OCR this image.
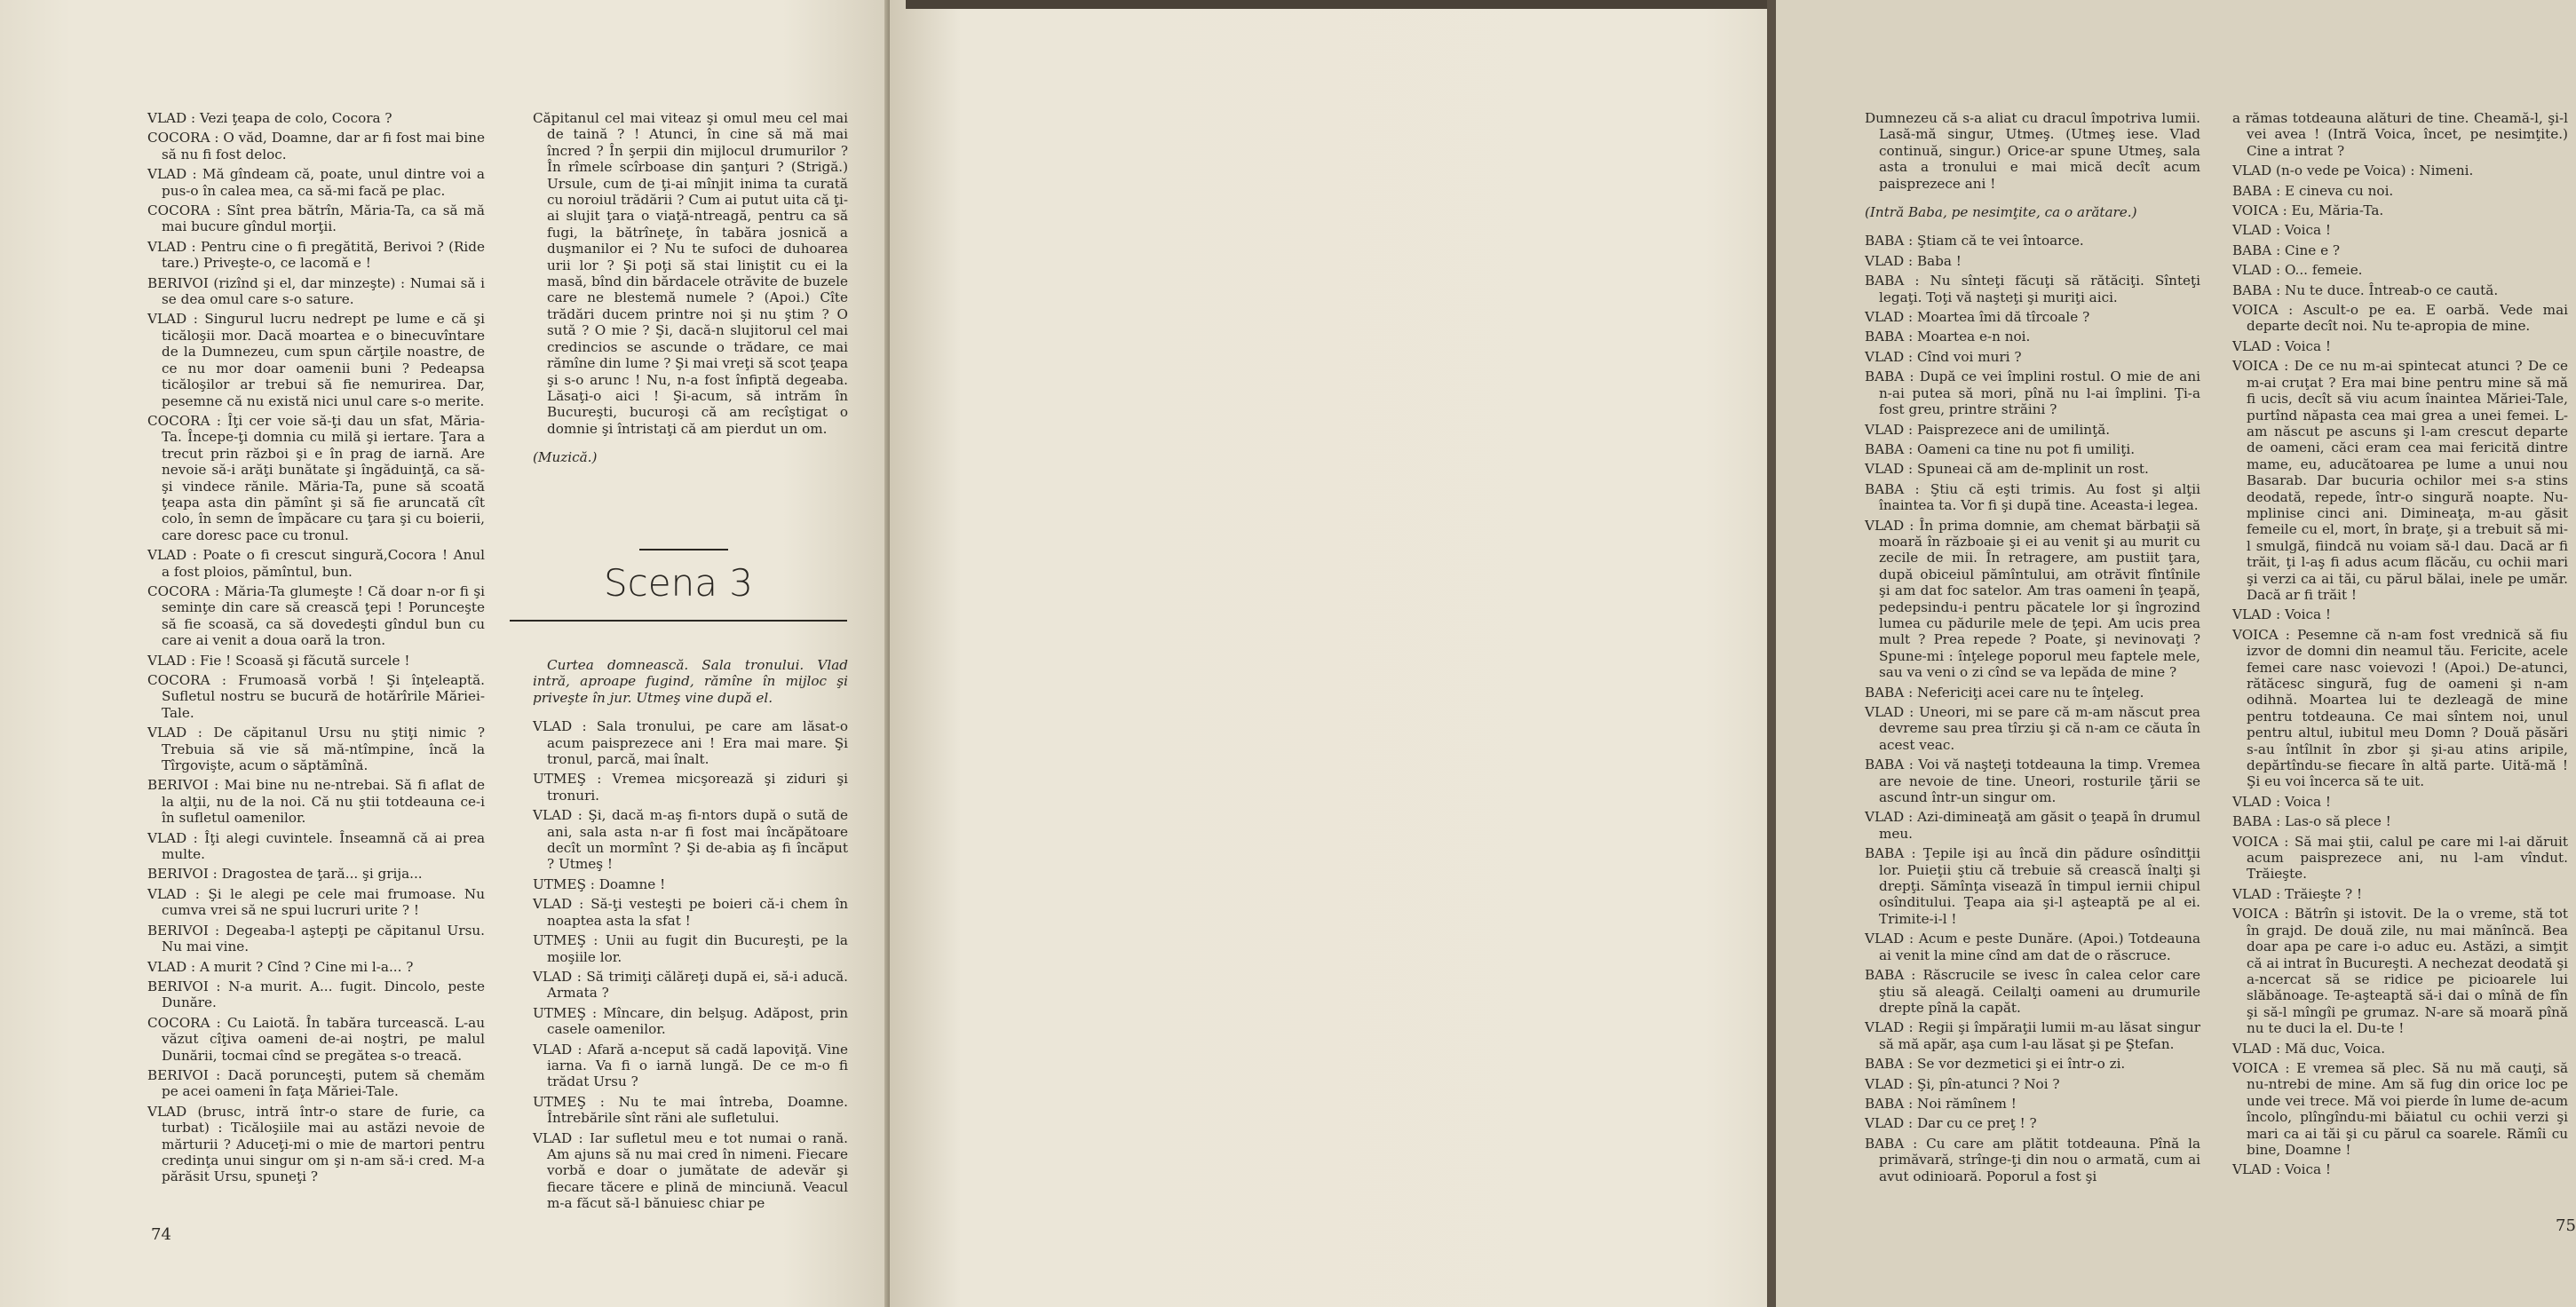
VLAD : Vezi ţeapa de colo, Cocora ?

COCORA : O văd, Doamne, dar ar fi fost mai bine să nu fi fost deloc.

VLAD : Mă gîndeam că, poate, unul dintre voi a pus-o în calea mea, ca să-mi facă pe plac.

COCORA : Sînt prea bătrîn, Măria-Ta, ca să mă mai bucure gîndul morţii.

VLAD : Pentru cine o fi pregătită, Berivoi ? (Ride tare.) Priveşte-o, ce lacomă e !

BERIVOI (rizînd şi el, dar minzeşte) : Numai să i se dea omul care s-o sature.

VLAD : Singurul lucru nedrept pe lume e că şi ticăloşii mor. Dacă moartea e o binecuvîntare de la Dumnezeu, cum spun cărţile noastre, de ce nu mor doar oamenii buni ? Pedeapsa ticăloşilor ar trebui să fie nemurirea. Dar, pesemne că nu există nici unul care s-o merite.

COCORA : Îţi cer voie să-ţi dau un sfat, Măria-Ta. Începe-ţi domnia cu milă şi iertare. Ţara a trecut prin război şi e în prag de iarnă. Are nevoie să-i arăţi bunătate şi îngăduinţă, ca să-şi vindece rănile. Măria-Ta, pune să scoată ţeapa asta din pămînt şi să fie aruncată cît colo, în semn de împăcare cu ţara şi cu boierii, care doresc pace cu tronul.

VLAD : Poate o fi crescut singură,Cocora ! Anul a fost ploios, pămîntul, bun.

COCORA : Măria-Ta glumeşte ! Că doar n-or fi şi seminţe din care să crească ţepi ! Porunceşte să fie scoasă, ca să dovedeşti gîndul bun cu care ai venit a doua oară la tron.

VLAD : Fie ! Scoasă şi făcută surcele !

COCORA : Frumoasă vorbă ! Şi înţeleaptă. Sufletul nostru se bucură de hotărîrile Măriei-Tale.

VLAD : De căpitanul Ursu nu ştiţi nimic ? Trebuia să vie să mă-ntîmpine, încă la Tîrgovişte, acum o săptămînă.

BERIVOI : Mai bine nu ne-ntrebai. Să fi aflat de la alţii, nu de la noi. Că nu ştii totdeauna ce-i în sufletul oamenilor.

VLAD : Îţi alegi cuvintele. Înseamnă că ai prea multe.

BERIVOI : Dragostea de ţară... şi grija...

VLAD : Şi le alegi pe cele mai frumoase. Nu cumva vrei să ne spui lucruri urite ? !

BERIVOI : Degeaba-l aştepţi pe căpitanul Ursu. Nu mai vine.

VLAD : A murit ? Cînd ? Cine mi l-a... ?

BERIVOI : N-a murit. A... fugit. Dincolo, peste Dunăre.

COCORA : Cu Laiotă. În tabăra turcească. L-au văzut cîţiva oameni de-ai noştri, pe malul Dunării, tocmai cînd se pregătea s-o treacă.

BERIVOI : Dacă porunceşti, putem să chemăm pe acei oameni în faţa Măriei-Tale.

VLAD (brusc, intră într-o stare de furie, ca turbat) : Ticăloşiile mai au astăzi nevoie de mărturii ? Aduceţi-mi o mie de martori pentru credinţa unui singur om şi n-am să-i cred. M-a părăsit Ursu, spuneţi ?

Căpitanul cel mai viteaz şi omul meu cel mai de taină ? ! Atunci, în cine să mă mai încred ? În şerpii din mijlocul drumurilor ? În rîmele scîrboase din şanţuri ? (Strigă.) Ursule, cum de ţi-ai mînjit inima ta curată cu noroiul trădării ? Cum ai putut uita că ţi-ai slujit ţara o viaţă-ntreagă, pentru ca să fugi, la bătrîneţe, în tabăra josnică a duşmanilor ei ? Nu te sufoci de duhoarea urii lor ? Şi poţi să stai liniştit cu ei la masă, bînd din bărdacele otrăvite de buzele care ne blestemă numele ? (Apoi.) Cîte trădări ducem printre noi şi nu ştim ? O sută ? O mie ? Şi, dacă-n slujitorul cel mai credincios se ascunde o trădare, ce mai rămîne din lume ? Şi mai vreţi să scot ţeapa şi s-o arunc ! Nu, n-a fost înfiptă degeaba. Lăsaţi-o aici ! Şi-acum, să intrăm în Bucureşti, bucuroşi că am recîştigat o domnie şi întristaţi că am pierdut un om.

(Muzică.)

Scena 3

Curtea domnească. Sala tronului. Vlad intră, aproape fugind, rămîne în mijloc şi priveşte în jur. Utmeş vine după el.

VLAD : Sala tronului, pe care am lăsat-o acum paisprezece ani ! Era mai mare. Şi tronul, parcă, mai înalt.

UTMEŞ : Vremea micşorează şi ziduri şi tronuri.

VLAD : Şi, dacă m-aş fi-ntors după o sută de ani, sala asta n-ar fi fost mai încăpătoare decît un mormînt ? Şi de-abia aş fi încăput ? Utmeş !

UTMEŞ : Doamne !

VLAD : Să-ţi vesteşti pe boieri că-i chem în noaptea asta la sfat !

UTMEŞ : Unii au fugit din Bucureşti, pe la moşiile lor.

VLAD : Să trimiţi călăreţi după ei, să-i aducă. Armata ?

UTMEŞ : Mîncare, din belşug. Adăpost, prin casele oamenilor.

VLAD : Afară a-nceput să cadă lapoviţă. Vine iarna. Va fi o iarnă lungă. De ce m-o fi trădat Ursu ?

UTMEŞ : Nu te mai întreba, Doamne. Întrebările sînt răni ale sufletului.

VLAD : Iar sufletul meu e tot numai o rană. Am ajuns să nu mai cred în nimeni. Fiecare vorbă e doar o jumătate de adevăr şi fiecare tăcere e plină de minciună. Veacul m-a făcut să-l bănuiesc chiar pe

74

Dumnezeu că s-a aliat cu dracul împotriva lumii. Lasă-mă singur, Utmeş. (Utmeş iese. Vlad continuă, singur.) Orice-ar spune Utmeş, sala asta a tronului e mai mică decît acum paisprezece ani !

(Intră Baba, pe nesimţite, ca o arătare.)

BABA : Ştiam că te vei întoarce.

VLAD : Baba !

BABA : Nu sînteţi făcuţi să rătăciţi. Sînteţi legaţi. Toţi vă naşteţi şi muriţi aici.

VLAD : Moartea îmi dă tîrcoale ?

BABA : Moartea e-n noi.

VLAD : Cînd voi muri ?

BABA : După ce vei împlini rostul. O mie de ani n-ai putea să mori, pînă nu l-ai împlini. Ţi-a fost greu, printre străini ?

VLAD : Paisprezece ani de umilinţă.

BABA : Oameni ca tine nu pot fi umiliţi.

VLAD : Spuneai că am de-mplinit un rost.

BABA : Ştiu că eşti trimis. Au fost şi alţii înaintea ta. Vor fi şi după tine. Aceasta-i legea.

VLAD : În prima domnie, am chemat bărbaţii să moară în războaie şi ei au venit şi au murit cu zecile de mii. În retragere, am pustiit ţara, după obiceiul pămîntului, am otrăvit fîntînile şi am dat foc satelor. Am tras oameni în ţeapă, pedepsindu-i pentru păcatele lor şi îngrozind lumea cu pădurile mele de ţepi. Am ucis prea mult ? Prea repede ? Poate, şi nevinovaţi ? Spune-mi : înţelege poporul meu faptele mele, sau va veni o zi cînd se va lepăda de mine ?

BABA : Nefericiţi acei care nu te înţeleg.

VLAD : Uneori, mi se pare că m-am născut prea devreme sau prea tîrziu şi că n-am ce căuta în acest veac.

BABA : Voi vă naşteţi totdeauna la timp. Vremea are nevoie de tine. Uneori, rosturile ţării se ascund într-un singur om.

VLAD : Azi-dimineaţă am găsit o ţeapă în drumul meu.

BABA : Ţepile işi au încă din pădure osînditţii lor. Puieţii ştiu că trebuie să crească înalţi şi drepţi. Sămînţa visează în timpul iernii chipul osînditului. Ţeapa aia şi-l aşteaptă pe al ei. Trimite-i-l !

VLAD : Acum e peste Dunăre. (Apoi.) Totdeauna ai venit la mine cînd am dat de o răscruce.

BABA : Răscrucile se ivesc în calea celor care ştiu să aleagă. Ceilalţi oameni au drumurile drepte pînă la capăt.

VLAD : Regii şi împăraţii lumii m-au lăsat singur să mă apăr, aşa cum l-au lăsat şi pe Ştefan.

BABA : Se vor dezmetici şi ei într-o zi.

VLAD : Şi, pîn-atunci ? Noi ?

BABA : Noi rămînem !

VLAD : Dar cu ce preţ ! ?

BABA : Cu care am plătit totdeauna. Pînă la primăvară, strînge-ţi din nou o armată, cum ai avut odinioară. Poporul a fost şi

a rămas totdeauna alături de tine. Cheamă-l, şi-l vei avea ! (Intră Voica, încet, pe nesimţite.) Cine a intrat ?

VLAD (n-o vede pe Voica) : Nimeni.

BABA : E cineva cu noi.

VOICA : Eu, Măria-Ta.

VLAD : Voica !

BABA : Cine e ?

VLAD : O... femeie.

BABA : Nu te duce. Întreab-o ce caută.

VOICA : Ascult-o pe ea. E oarbă. Vede mai departe decît noi. Nu te-apropia de mine.

VLAD : Voica !

VOICA : De ce nu m-ai spintecat atunci ? De ce m-ai cruţat ? Era mai bine pentru mine să mă fi ucis, decît să viu acum înaintea Măriei-Tale, purtînd năpasta cea mai grea a unei femei. L-am născut pe ascuns şi l-am crescut departe de oameni, căci eram cea mai fericită dintre mame, eu, aducătoarea pe lume a unui nou Basarab. Dar bucuria ochilor mei s-a stins deodată, repede, într-o singură noapte. Nu-mplinise cinci ani. Dimineaţa, m-au găsit femeile cu el, mort, în braţe, şi a trebuit să mi-l smulgă, fiindcă nu voiam să-l dau. Dacă ar fi trăit, ţi l-aş fi adus acum flăcău, cu ochii mari şi verzi ca ai tăi, cu părul bălai, inele pe umăr. Dacă ar fi trăit !

VLAD : Voica !

VOICA : Pesemne că n-am fost vrednică să fiu izvor de domni din neamul tău. Fericite, acele femei care nasc voievozi ! (Apoi.) De-atunci, rătăcesc singură, fug de oameni şi n-am odihnă. Moartea lui te dezleagă de mine pentru totdeauna. Ce mai sîntem noi, unul pentru altul, iubitul meu Domn ? Două păsări s-au întîlnit în zbor şi şi-au atins aripile, depărtîndu-se fiecare în altă parte. Uită-mă ! Şi eu voi încerca să te uit.

VLAD : Voica !

BABA : Las-o să plece !

VOICA : Să mai ştii, calul pe care mi l-ai dăruit acum paisprezece ani, nu l-am vîndut. Trăieşte.

VLAD : Trăieşte ? !

VOICA : Bătrîn şi istovit. De la o vreme, stă tot în grajd. De două zile, nu mai mănîncă. Bea doar apa pe care i-o aduc eu. Astăzi, a simţit că ai intrat în Bucureşti. A nechezat deodată şi a-ncercat să se ridice pe picioarele lui slăbănoage. Te-aşteaptă să-i dai o mînă de fîn şi să-l mîngîi pe grumaz. N-are să moară pînă nu te duci la el. Du-te !

VLAD : Mă duc, Voica.

VOICA : E vremea să plec. Să nu mă cauţi, să nu-ntrebi de mine. Am să fug din orice loc pe unde vei trece. Mă voi pierde în lume de-acum încolo, plîngîndu-mi băiatul cu ochii verzi şi mari ca ai tăi şi cu părul ca soarele. Rămîi cu bine, Doamne !

VLAD : Voica !

75
